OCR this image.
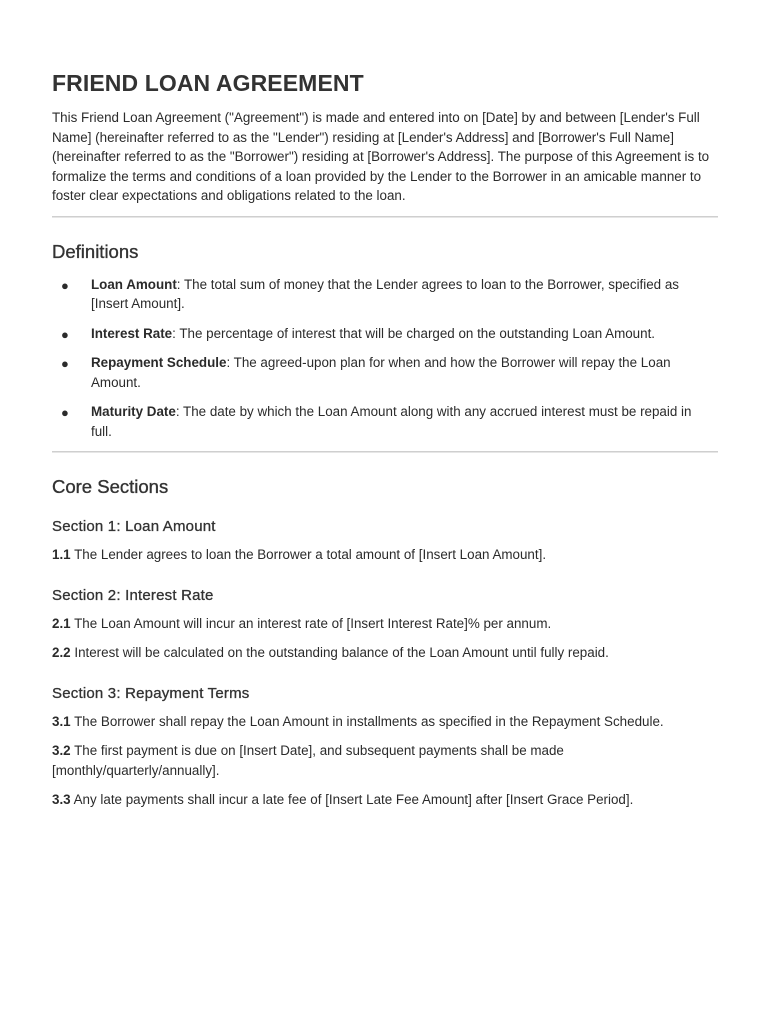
FRIEND LOAN AGREEMENT

This Friend Loan Agreement ("Agreement") is made and entered into on [Date] by and between [Lender's Full Name] (hereinafter referred to as the "Lender") residing at [Lender's Address] and [Borrower's Full Name] (hereinafter referred to as the "Borrower") residing at [Borrower's Address]. The purpose of this Agreement is to formalize the terms and conditions of a loan provided by the Lender to the Borrower in an amicable manner to foster clear expectations and obligations related to the loan.

Definitions
● Loan Amount: The total sum of money that the Lender agrees to loan to the Borrower, specified as [Insert Amount].
● Interest Rate: The percentage of interest that will be charged on the outstanding Loan Amount.
● Repayment Schedule: The agreed-upon plan for when and how the Borrower will repay the Loan Amount.
● Maturity Date: The date by which the Loan Amount along with any accrued interest must be repaid in full.
Core Sections
Section 1: Loan Amount

1.1 The Lender agrees to loan the Borrower a total amount of [Insert Loan Amount].

Section 2: Interest Rate

2.1 The Loan Amount will incur an interest rate of [Insert Interest Rate]% per annum.

2.2 Interest will be calculated on the outstanding balance of the Loan Amount until fully repaid.

Section 3: Repayment Terms

3.1 The Borrower shall repay the Loan Amount in installments as specified in the Repayment Schedule.

3.2 The first payment is due on [Insert Date], and subsequent payments shall be made [monthly/quarterly/annually].

3.3 Any late payments shall incur a late fee of [Insert Late Fee Amount] after [Insert Grace Period].
